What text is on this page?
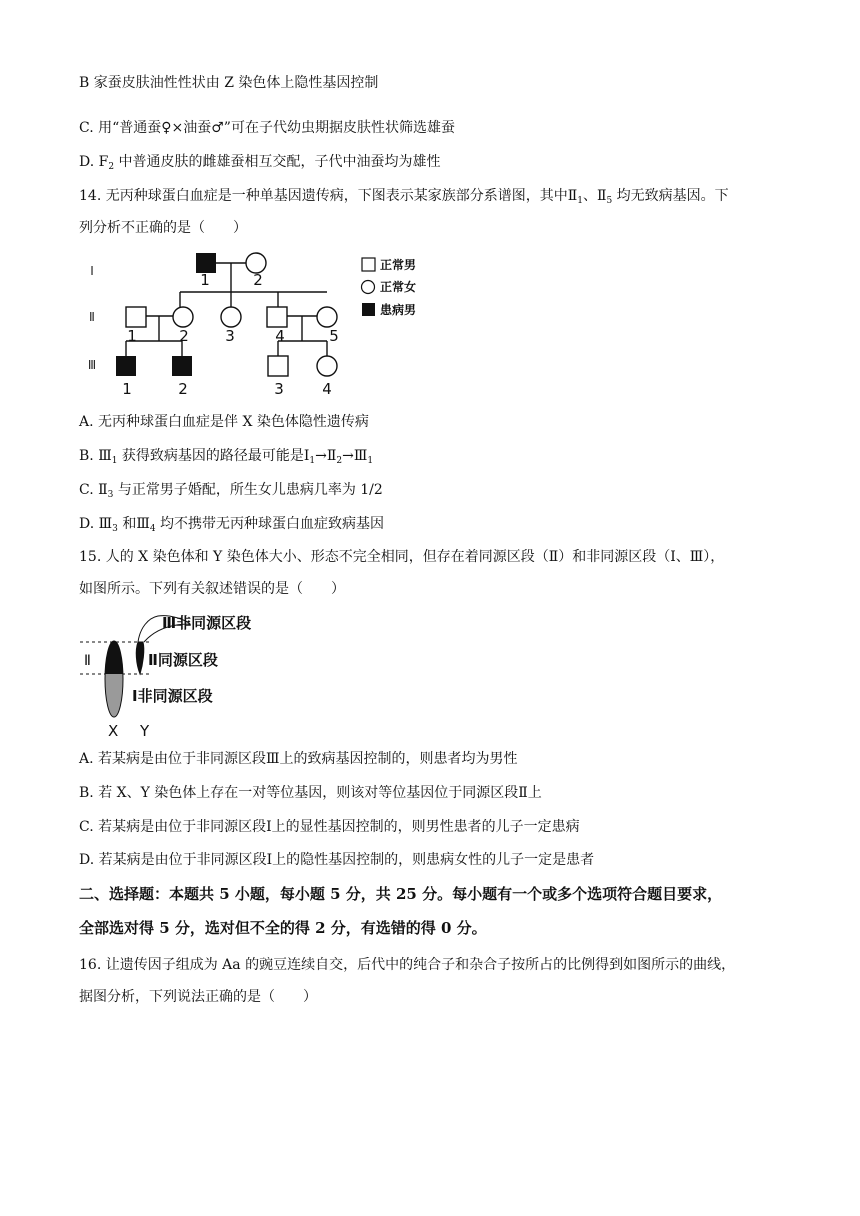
B 家蚕皮肤油性性状由 Z 染色体上隐性基因控制
C. 用“普通蚕♀×油蚕♂”可在子代幼虫期据皮肤性状筛选雄蚕
D. $F_2$ 中普通皮肤的雌雄蚕相互交配，子代中油蚕均为雄性
14. 无丙种球蛋白血症是一种单基因遗传病，下图表示某家族部分系谱图，其中$Ⅱ_1$、$Ⅱ_5$ 均无致病基因。下
列分析不正确的是（　　）
Ⅰ
Ⅱ
Ⅲ
1	2
1	2 3	4	5
1	2	3	4
正常男
正常女
患病男
A. 无丙种球蛋白血症是伴 X 染色体隐性遗传病
B. $Ⅲ_1$ 获得致病基因的路径最可能是$Ⅰ_1\to Ⅱ_2\to Ⅲ_1$
C. $Ⅱ_3$ 与正常男子婚配，所生女儿患病几率为 1/2
D. $Ⅲ_3$ 和$Ⅲ_4$ 均不携带无丙种球蛋白血症致病基因
15. 人的 X 染色体和 Y 染色体大小、形态不完全相同，但存在着同源区段（Ⅱ）和非同源区段（Ⅰ、Ⅲ），
如图所示。下列有关叙述错误的是（　　）
Ⅲ非同源区段
Ⅱ同源区段
Ⅰ非同源区段
Ⅱ
X Y
A. 若某病是由位于非同源区段Ⅲ上的致病基因控制的，则患者均为男性
B. 若 X、Y 染色体上存在一对等位基因，则该对等位基因位于同源区段Ⅱ上
C. 若某病是由位于非同源区段Ⅰ上的显性基因控制的，则男性患者的儿子一定患病
D. 若某病是由位于非同源区段Ⅰ上的隐性基因控制的，则患病女性的儿子一定是患者
二、选择题：本题共 5 小题，每小题 5 分，共 25 分。每小题有一个或多个选项符合题目要求，
全部选对得 5 分，选对但不全的得 2 分，有选错的得 0 分。
16. 让遗传因子组成为 Aa 的豌豆连续自交，后代中的纯合子和杂合子按所占的比例得到如图所示的曲线，
据图分析，下列说法正确的是（　　）
